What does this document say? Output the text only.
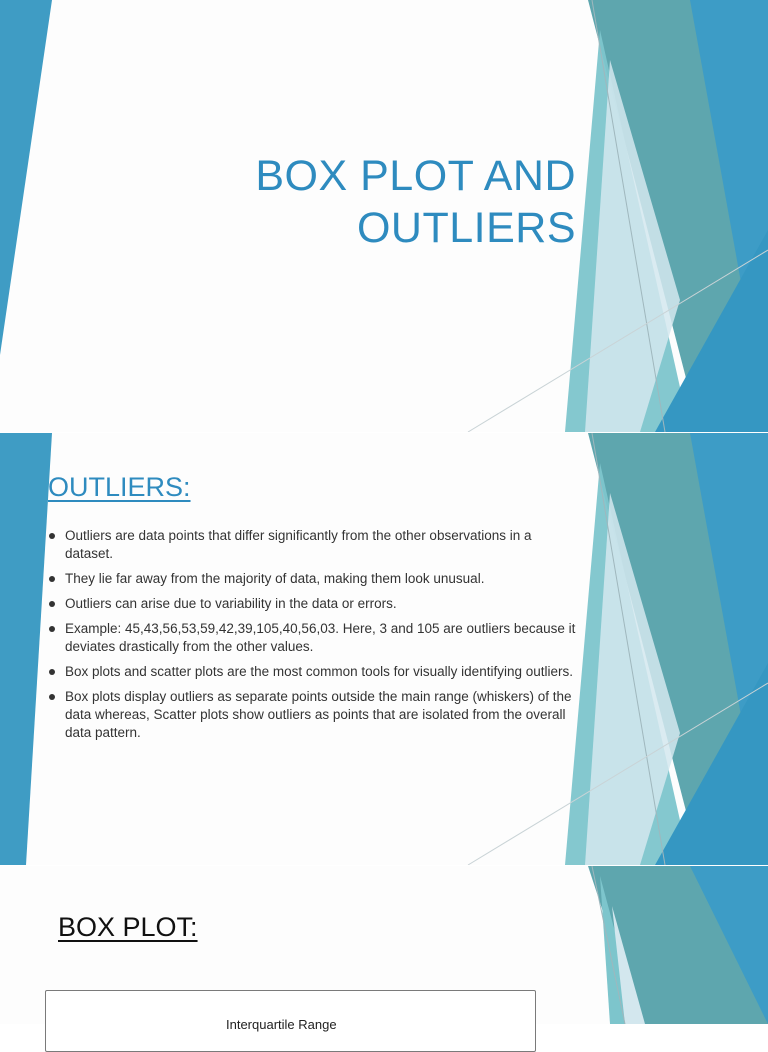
BOX PLOT AND
OUTLIERS
OUTLIERS:
Outliers are data points that differ significantly from the other observations in a dataset.
They lie far away from the majority of data, making them look unusual.
Outliers can arise due to variability in the data or errors.
Example: 45,43,56,53,59,42,39,105,40,56,03. Here, 3 and 105 are outliers because it deviates drastically from the other values.
Box plots and scatter plots are the most common tools for visually identifying outliers.
Box plots display outliers as separate points outside the main range (whiskers) of the data whereas, Scatter plots show outliers as points that are isolated from the overall data pattern.
BOX PLOT:
Interquartile Range
